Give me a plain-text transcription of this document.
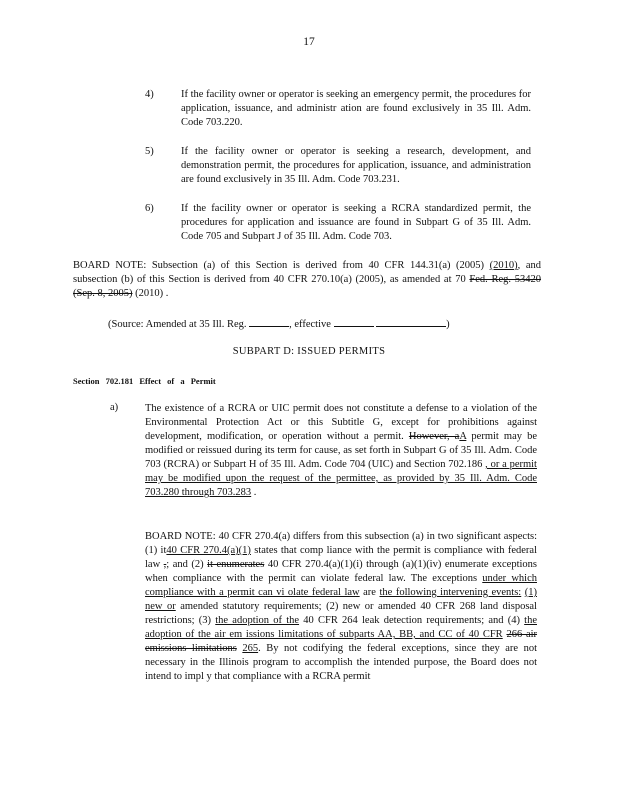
17
4)	If the facility owner or operator is seeking an emergency permit, the procedures for application, issuance, and administr ation are found exclusively in 35 Ill. Adm. Code 703.220.
5)	If the facility owner or operator is seeking a research, development, and demonstration permit, the procedures for application, issuance, and administration are found exclusively in 35 Ill. Adm. Code 703.231.
6)	If the facility owner or operator is seeking a RCRA standardized permit, the procedures for application and issuance are found in Subpart G of 35 Ill. Adm. Code 705 and Subpart J of 35 Ill. Adm. Code 703.
BOARD NOTE: Subsection (a) of this Section is derived from 40 CFR 144.31(a) (2005) (2010), and subsection (b) of this Section is derived from 40 CFR 270.10(a) (2005), as amended at 70 Fed. Reg. 53420 (Sep. 8, 2005) (2010) .
(Source: Amended at 35 Ill. Reg.	, effective	)
SUBPART D: ISSUED PERMITS
Section 702.181 Effect of a Permit
a)	The existence of a RCRA or UIC permit does not constitute a defense to a violation of the Environmental Protection Act or this Subtitle G, except for prohibitions against development, modification, or operation without a permit. However, aA permit may be modified or reissued during its term for cause, as set forth in Subpart G of 35 Ill. Adm. Code 703 (RCRA) or Subpart H of 35 Ill. Adm. Code 704 (UIC) and Section 702.186 , or a permit may be modified upon the request of the permittee, as provided by 35 Ill. Adm. Code 703.280 through 703.283 .
BOARD NOTE: 40 CFR 270.4(a) differs from this subsection (a) in two significant aspects: (1) it40 CFR 270.4(a)(1) states that comp liance with the permit is compliance with federal law ,; and (2) it enumerates 40 CFR 270.4(a)(1)(i) through (a)(1)(iv) enumerate exceptions when compliance with the permit can violate federal law. The exceptions under which compliance with a permit can vi olate federal law are the following intervening events: (1) new or amended statutory requirements; (2) new or amended 40 CFR 268 land disposal restrictions; (3) the adoption of the 40 CFR 264 leak detection requirements; and (4) the adoption of the air em issions limitations of subparts AA, BB, and CC of 40 CFR 266 air emissions limitations 265. By not codifying the federal exceptions, since they are not necessary in the Illinois program to accomplish the intended purpose, the Board does not intend to impl y that compliance with a RCRA permit
